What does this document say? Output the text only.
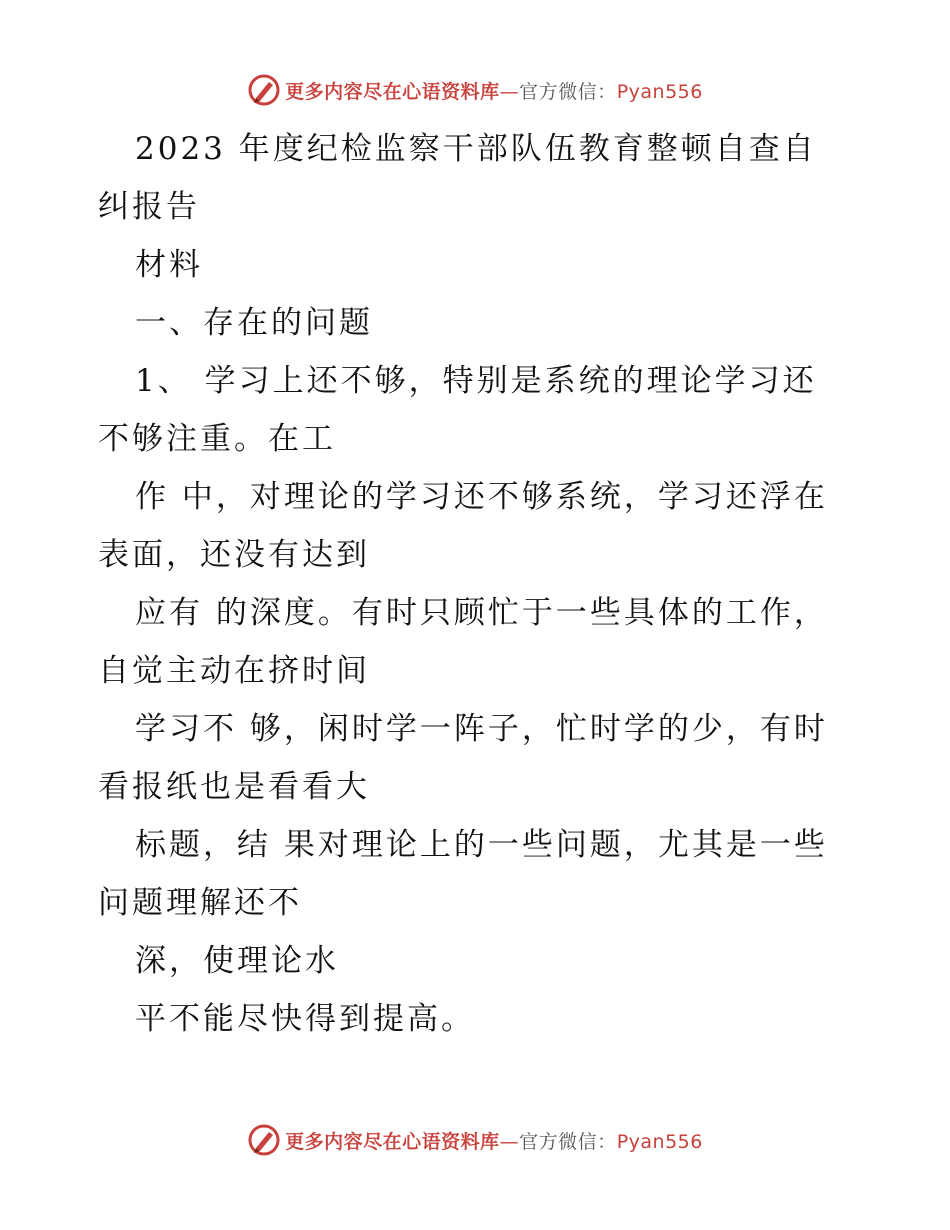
更多内容尽在心语资料库—官方微信：Pyan556

2023 年度纪检监察干部队伍教育整顿自查自纠报告

材料

一、存在的问题

1、 学习上还不够，特别是系统的理论学习还不够注重。在工

作 中，对理论的学习还不够系统，学习还浮在表面，还没有达到

应有 的深度。有时只顾忙于一些具体的工作，自觉主动在挤时间

学习不 够，闲时学一阵子，忙时学的少，有时看报纸也是看看大

标题，结 果对理论上的一些问题，尤其是一些问题理解还不

深，使理论水

平不能尽快得到提高。

更多内容尽在心语资料库—官方微信：Pyan556
